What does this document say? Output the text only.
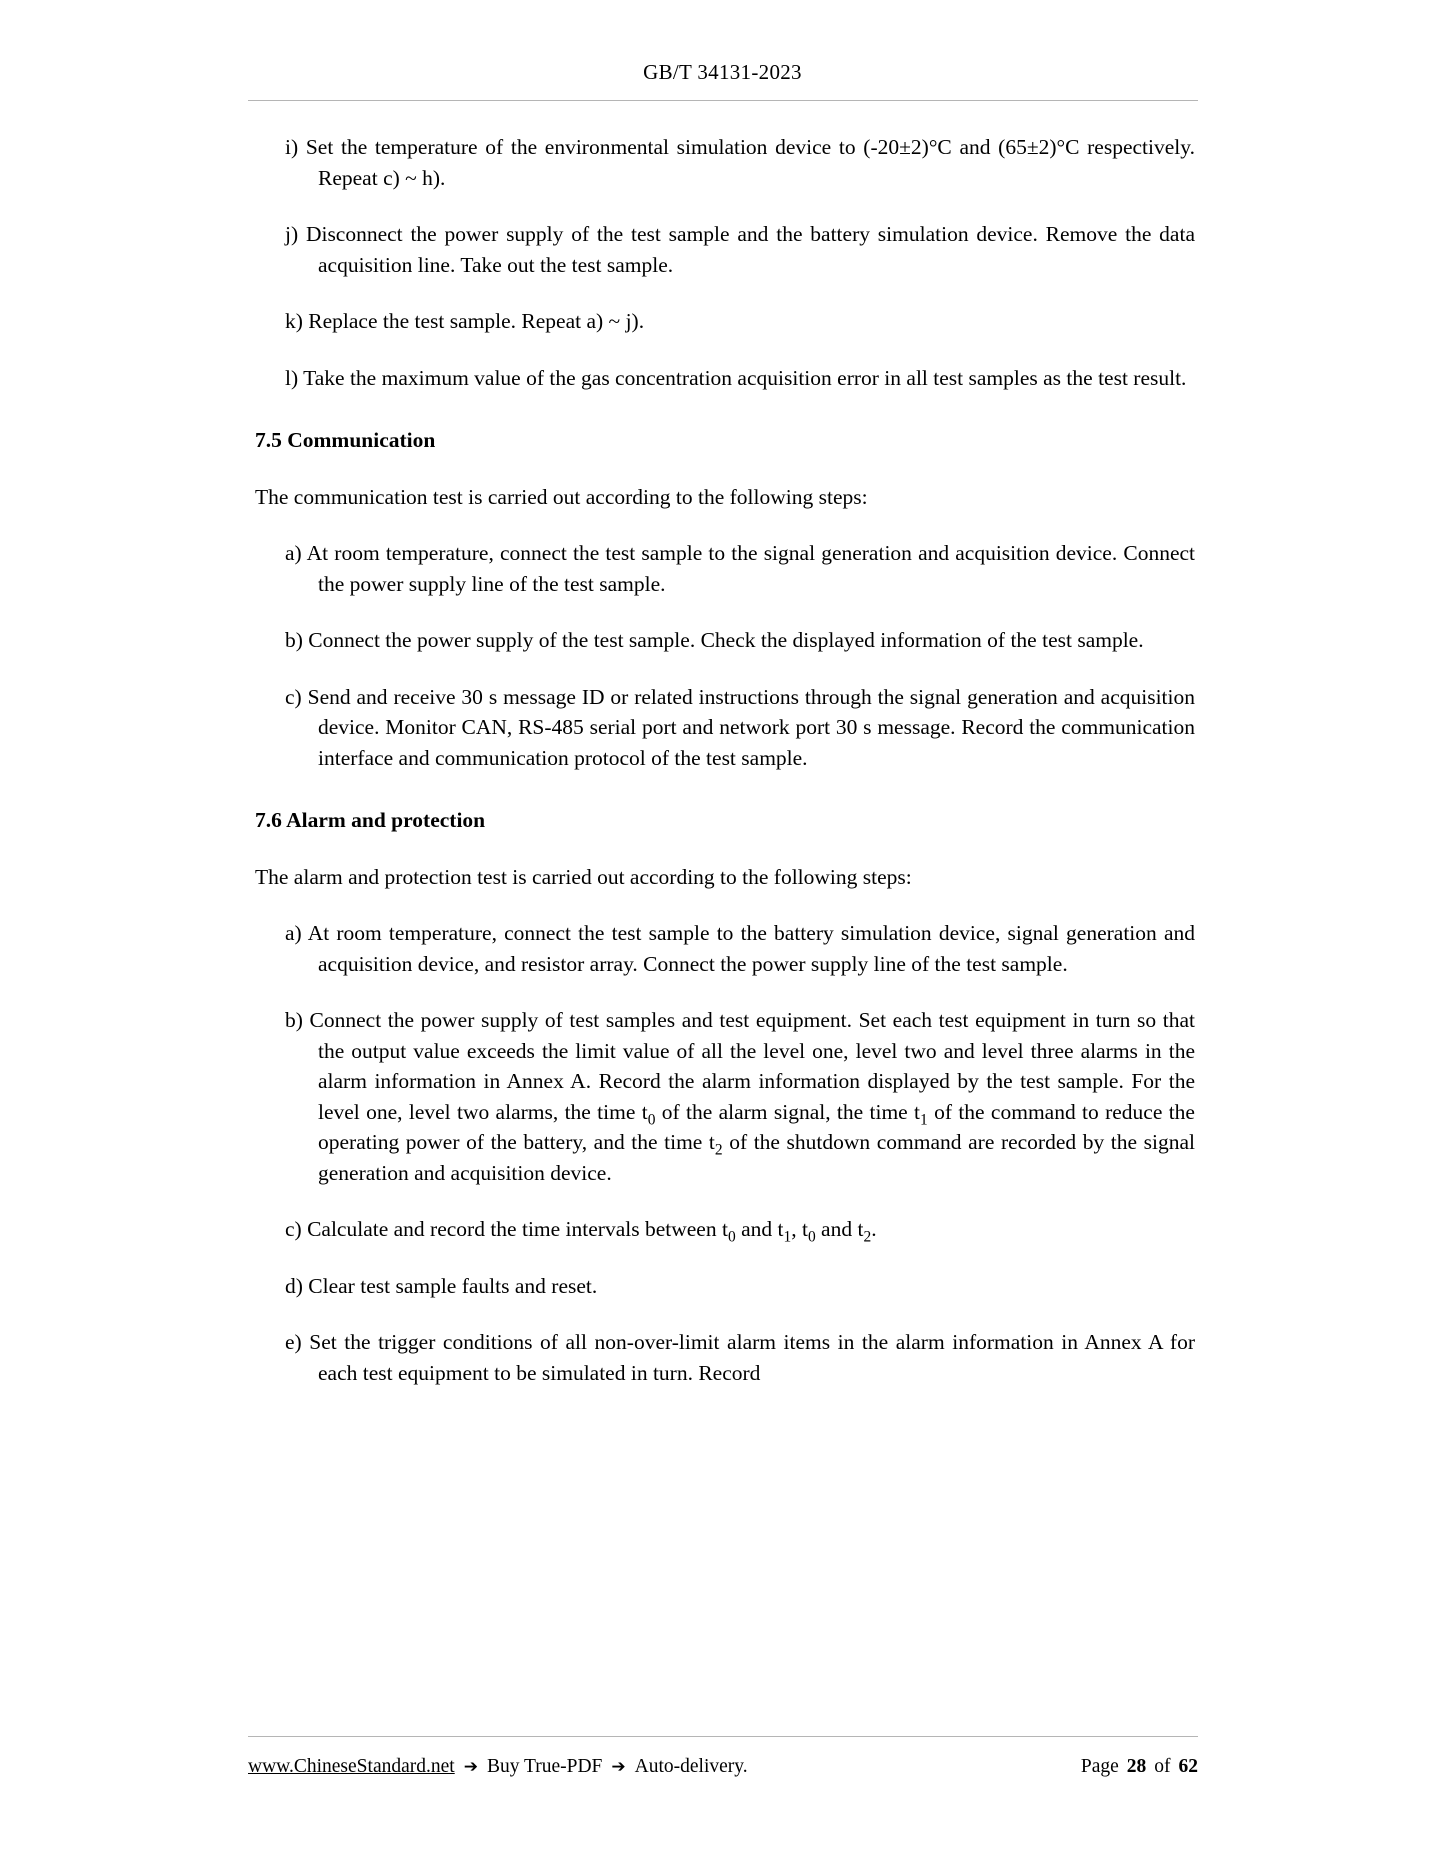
GB/T 34131-2023
i) Set the temperature of the environmental simulation device to (-20±2)°C and (65±2)°C respectively. Repeat c) ~ h).
j) Disconnect the power supply of the test sample and the battery simulation device. Remove the data acquisition line. Take out the test sample.
k) Replace the test sample. Repeat a) ~ j).
l) Take the maximum value of the gas concentration acquisition error in all test samples as the test result.

7.5 Communication

The communication test is carried out according to the following steps:

a) At room temperature, connect the test sample to the signal generation and acquisition device. Connect the power supply line of the test sample.
b) Connect the power supply of the test sample. Check the displayed information of the test sample.
c) Send and receive 30 s message ID or related instructions through the signal generation and acquisition device. Monitor CAN, RS-485 serial port and network port 30 s message. Record the communication interface and communication protocol of the test sample.

7.6 Alarm and protection

The alarm and protection test is carried out according to the following steps:

a) At room temperature, connect the test sample to the battery simulation device, signal generation and acquisition device, and resistor array. Connect the power supply line of the test sample.
b) Connect the power supply of test samples and test equipment. Set each test equipment in turn so that the output value exceeds the limit value of all the level one, level two and level three alarms in the alarm information in Annex A. Record the alarm information displayed by the test sample. For the level one, level two alarms, the time $t_0$ of the alarm signal, the time $t_1$ of the command to reduce the operating power of the battery, and the time $t_2$ of the shutdown command are recorded by the signal generation and acquisition device.
c) Calculate and record the time intervals between $t_0$ and $t_1$, $t_0$ and $t_2$.
d) Clear test sample faults and reset.
e) Set the trigger conditions of all non-over-limit alarm items in the alarm information in Annex A for each test equipment to be simulated in turn. Record
www.ChineseStandard.net ➔ Buy True-PDF ➔ Auto-delivery.	Page 28 of 62
